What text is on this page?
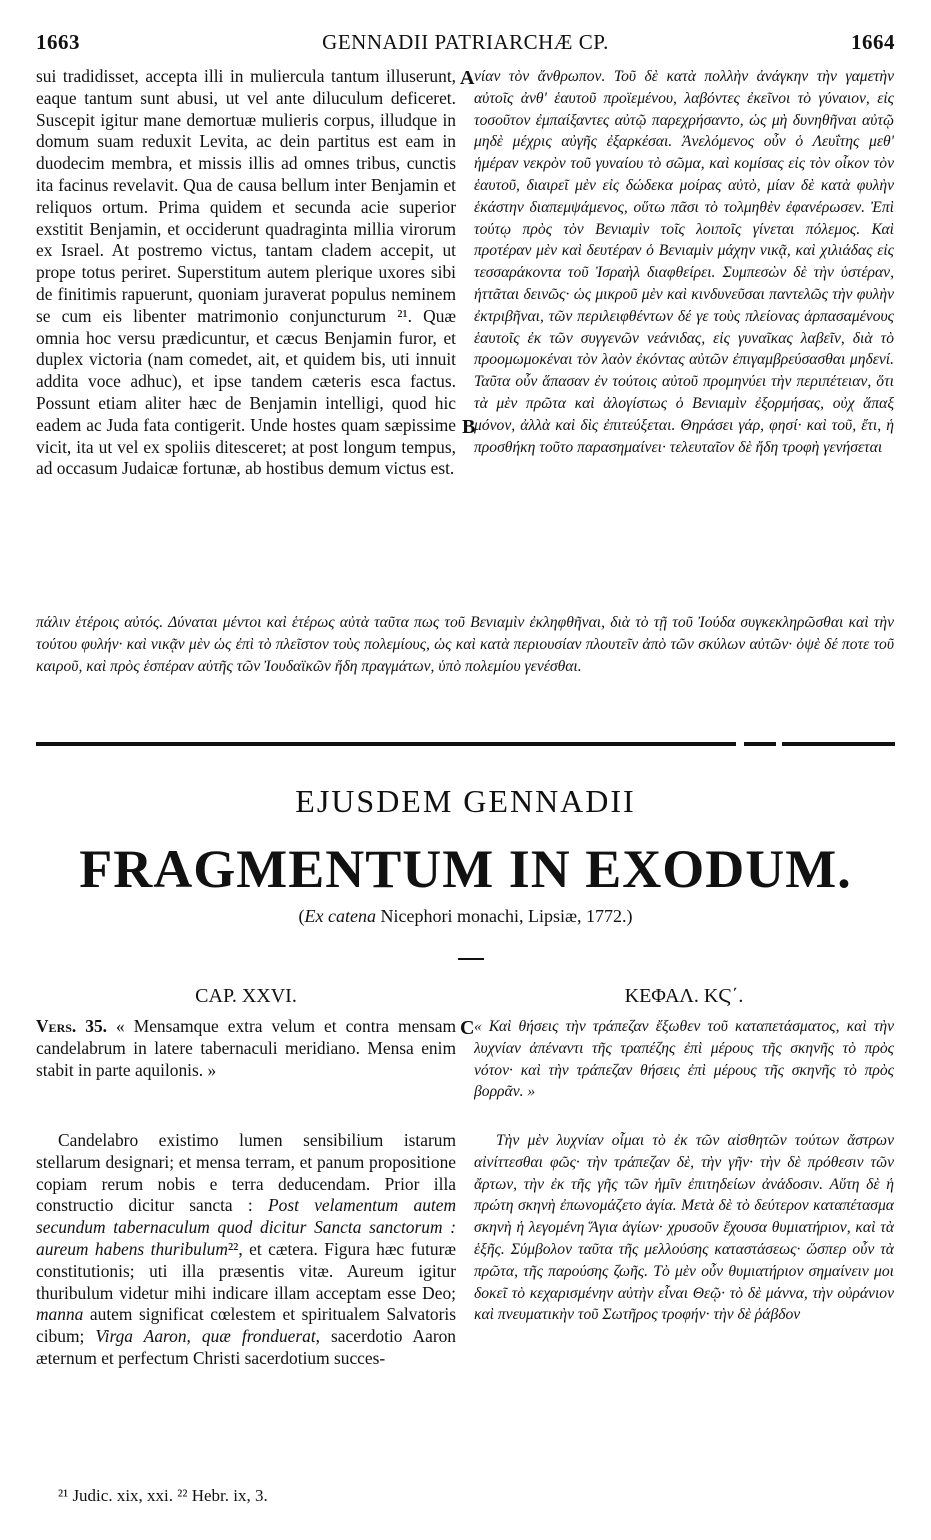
1663	GENNADII PATRIARCHÆ CP.	1664

sui tradidisset, accepta illi in muliercula tantum illuserunt, eaque tantum sunt abusi, ut vel ante diluculum deficeret. Suscepit igitur mane demortuæ mulieris corpus, illudque in domum suam reduxit Levita, ac dein partitus est eam in duodecim membra, et missis illis ad omnes tribus, cunctis ita facinus revelavit. Qua de causa bellum inter Benjamin et reliquos ortum. Prima quidem et secunda acie superior exstitit Benjamin, et occiderunt quadraginta millia virorum ex Israel. At postremo victus, tantam cladem accepit, ut prope totus periret. Superstitum autem plerique uxores sibi de finitimis rapuerunt, quoniam juraverat populus neminem se cum eis libenter matrimonio conjuncturum ²¹. Quæ omnia hoc versu prædicuntur, et cæcus Benjamin furor, et duplex victoria (nam comedet, ait, et quidem bis, uti innuit addita voce adhuc), et ipse tandem cæteris esca factus. Possunt etiam aliter hæc de Benjamin intelligi, quod hic eadem ac Juda fata contigerit. Unde hostes quam sæpissime vicit, ita ut vel ex spoliis ditesceret; at post longum tempus, ad occasum Judaicæ fortunæ, ab hostibus demum victus est.

A
B

νίαν τὸν ἄνθρωπον. Τοῦ δὲ κατὰ πολλὴν ἀνάγκην τὴν γαμετὴν αὐτοῖς ἀνθ' ἑαυτοῦ προϊεμένου, λαβόντες ἐκεῖνοι τὸ γύναιον, εἰς τοσοῦτον ἐμπαίξαντες αὐτῷ παρεχρήσαντο, ὡς μὴ δυνηθῆναι αὐτῷ μηδὲ μέχρις αὐγῆς ἐξαρκέσαι. Ἀνελόμενος οὖν ὁ Λευΐτης μεθ' ἡμέραν νεκρὸν τοῦ γυναίου τὸ σῶμα, καὶ κομίσας εἰς τὸν οἶκον τὸν ἑαυτοῦ, διαιρεῖ μὲν εἰς δώδεκα μοίρας αὐτὸ, μίαν δὲ κατὰ φυλὴν ἑκάστην διαπεμψάμενος, οὕτω πᾶσι τὸ τολμηθὲν ἐφανέρωσεν. Ἐπὶ τούτῳ πρὸς τὸν Βενιαμὶν τοῖς λοιποῖς γίνεται πόλεμος. Καὶ προτέραν μὲν καὶ δευτέραν ὁ Βενιαμὶν μάχην νικᾷ, καὶ χιλιάδας εἰς τεσσαράκοντα τοῦ Ἰσραὴλ διαφθείρει. Συμπεσὼν δὲ τὴν ὑστέραν, ἡττᾶται δεινῶς· ὡς μικροῦ μὲν καὶ κινδυνεῦσαι παντελῶς τὴν φυλὴν ἐκτριβῆναι, τῶν περιλειφθέντων δέ γε τοὺς πλείονας ἁρπασαμένους ἑαυτοῖς ἐκ τῶν συγγενῶν νεάνιδας, εἰς γυναῖκας λαβεῖν, διὰ τὸ προομωμοκέναι τὸν λαὸν ἐκόντας αὐτῶν ἐπιγαμβρεύσασθαι μηδενί. Ταῦτα οὖν ἅπασαν ἐν τούτοις αὐτοῦ προμηνύει τὴν περιπέτειαν, ὅτι τὰ μὲν πρῶτα καὶ ἀλογίστως ὁ Βενιαμὶν ἐξορμήσας, οὐχ ἅπαξ μόνον, ἀλλὰ καὶ δὶς ἐπιτεύξεται. Θηράσει γάρ, φησί· καὶ τοῦ, ἔτι, ἡ προσθήκη τοῦτο παρασημαίνει· τελευταῖον δὲ ἤδη τροφὴ γενήσεται

πάλιν ἑτέροις αὐτός. Δύναται μέντοι καὶ ἑτέρως αὐτὰ ταῦτα πως τοῦ Βενιαμὶν ἐκληφθῆναι, διὰ τὸ τῇ τοῦ Ἰούδα συγκεκληρῶσθαι καὶ τὴν τούτου φυλήν· καὶ νικᾷν μὲν ὡς ἐπὶ τὸ πλεῖστον τοὺς πολεμίους, ὡς καὶ κατὰ περιουσίαν πλουτεῖν ἀπὸ τῶν σκύλων αὐτῶν· ὀψὲ δέ ποτε τοῦ καιροῦ, καὶ πρὸς ἑσπέραν αὐτῆς τῶν Ἰουδαϊκῶν ἤδη πραγμάτων, ὑπὸ πολεμίου γενέσθαι.

EJUSDEM GENNADII
FRAGMENTUM IN EXODUM.
(Ex catena Nicephori monachi, Lipsiæ, 1772.)
CAP. XXVI.	ΚΕΦΑΛ. ΚϚ΄.

Vers. 35. « Mensamque extra velum et contra mensam candelabrum in latere tabernaculi meridiano. Mensa enim stabit in parte aquilonis. »

C « Καὶ θήσεις τὴν τράπεζαν ἔξωθεν τοῦ καταπετάσματος, καὶ τὴν λυχνίαν ἀπέναντι τῆς τραπέζης ἐπὶ μέρους τῆς σκηνῆς τὸ πρὸς νότον· καὶ τὴν τράπεζαν θήσεις ἐπὶ μέρους τῆς σκηνῆς τὸ πρὸς βορρᾶν. »

Candelabro existimo lumen sensibilium istarum stellarum designari; et mensa terram, et panum propositione copiam rerum nobis e terra deducendam. Prior illa constructio dicitur sancta : Post velamentum autem secundum tabernaculum quod dicitur Sancta sanctorum : aureum habens thuribulum²², et cætera. Figura hæc futuræ constitutionis; uti illa præsentis vitæ. Aureum igitur thuribulum videtur mihi indicare illam acceptam esse Deo; manna autem significat cœlestem et spiritualem Salvatoris cibum; Virga Aaron, quæ fronduerat, sacerdotio Aaron æternum et perfectum Christi sacerdotium succes-

Τὴν μὲν λυχνίαν οἶμαι τὸ ἐκ τῶν αἰσθητῶν τούτων ἄστρων αἰνίττεσθαι φῶς· τὴν τράπεζαν δὲ, τὴν γῆν· τὴν δὲ πρόθεσιν τῶν ἄρτων, τὴν ἐκ τῆς γῆς τῶν ἡμῖν ἐπιτηδείων ἀνάδοσιν. Αὕτη δὲ ἡ πρώτη σκηνὴ ἐπωνομάζετο ἁγία. Μετὰ δὲ τὸ δεύτερον καταπέτασμα σκηνὴ ἡ λεγομένη Ἅγια ἁγίων· χρυσοῦν ἔχουσα θυμιατήριον, καὶ τὰ ἑξῆς. Σύμβολον ταῦτα τῆς μελλούσης καταστάσεως· ὥσπερ οὖν τὰ πρῶτα, τῆς παρούσης ζωῆς. Τὸ μὲν οὖν θυμιατήριον σημαίνειν μοι δοκεῖ τὸ κεχαρισμένην αὐτὴν εἶναι Θεῷ· τὸ δὲ μάννα, τὴν οὐράνιον καὶ πνευματικὴν τοῦ Σωτῆρος τροφήν· τὴν δὲ ῥάβδον

²¹ Judic. xix, xxi. ²² Hebr. ix, 3.
